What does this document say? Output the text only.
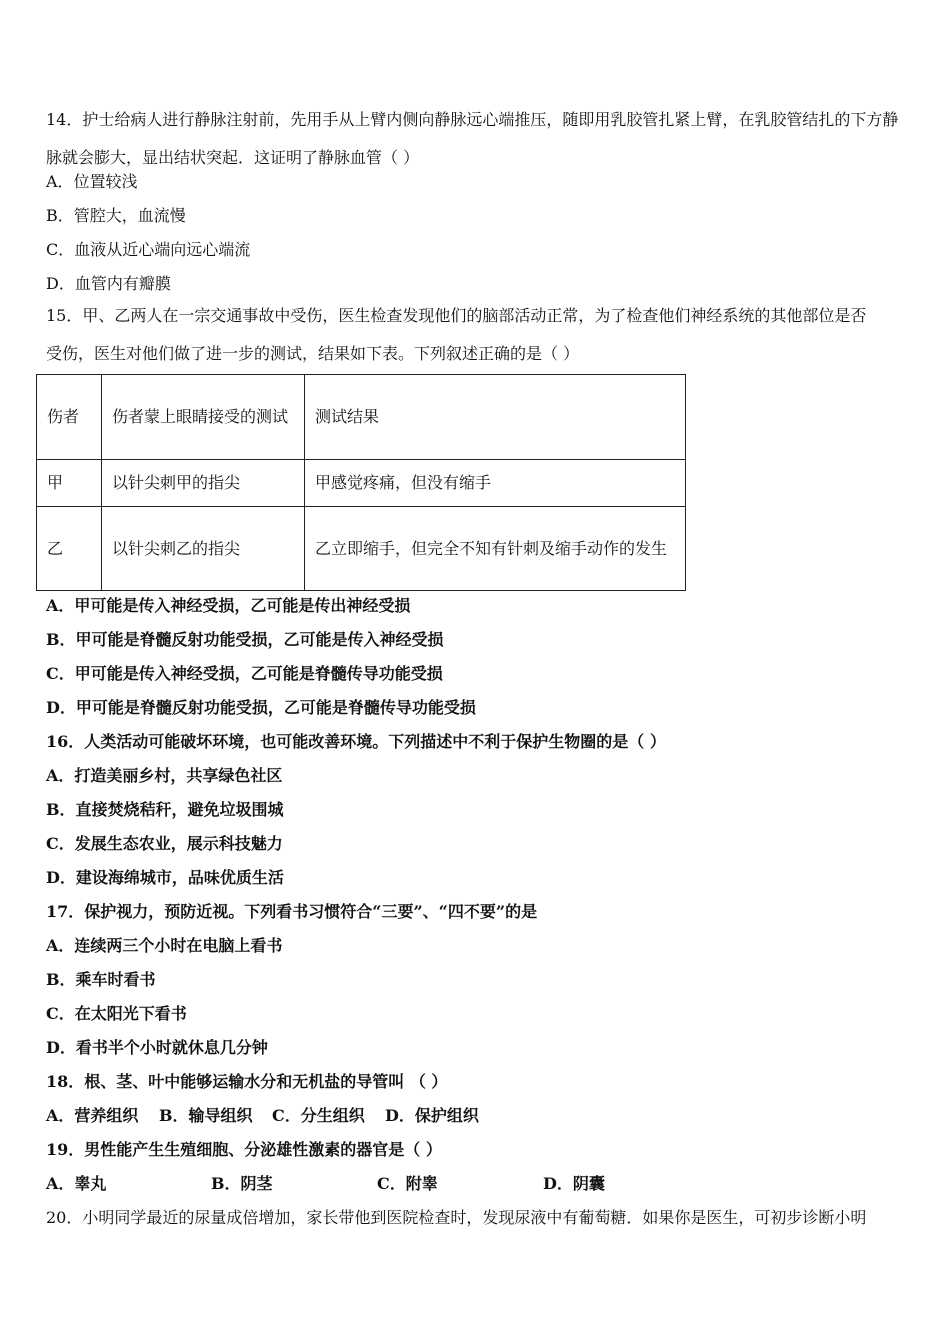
14．护士给病人进行静脉注射前，先用手从上臂内侧向静脉远心端推压，随即用乳胶管扎紧上臂，在乳胶管结扎的下方静脉就会膨大，显出结状突起．这证明了静脉血管（ ）
A．位置较浅
B．管腔大，血流慢
C．血液从近心端向远心端流
D．血管内有瓣膜
15．甲、乙两人在一宗交通事故中受伤，医生检查发现他们的脑部活动正常，为了检查他们神经系统的其他部位是否
受伤，医生对他们做了进一步的测试，结果如下表。下列叙述正确的是（ ）
伤者	伤者蒙上眼睛接受的测试	测试结果
甲	以针尖刺甲的指尖	甲感觉疼痛，但没有缩手
乙	以针尖刺乙的指尖	乙立即缩手，但完全不知有针刺及缩手动作的发生
A．甲可能是传入神经受损，乙可能是传出神经受损
B．甲可能是脊髓反射功能受损，乙可能是传入神经受损
C．甲可能是传入神经受损，乙可能是脊髓传导功能受损
D．甲可能是脊髓反射功能受损，乙可能是脊髓传导功能受损
16．人类活动可能破坏环境，也可能改善环境。下列描述中不利于保护生物圈的是（ ）
A．打造美丽乡村，共享绿色社区
B．直接焚烧秸秆，避免垃圾围城
C．发展生态农业，展示科技魅力
D．建设海绵城市，品味优质生活
17．保护视力，预防近视。下列看书习惯符合“三要”、“四不要”的是
A．连续两三个小时在电脑上看书
B．乘车时看书
C．在太阳光下看书
D．看书半个小时就休息几分钟
18．根、茎、叶中能够运输水分和无机盐的导管叫 （ ）
A．营养组织 B．输导组织 C．分生组织 D．保护组织
19．男性能产生生殖细胞、分泌雄性激素的器官是（ ）
A．睾丸	B．阴茎	C．附睾	D．阴囊
20．小明同学最近的尿量成倍增加，家长带他到医院检查时，发现尿液中有葡萄糖．如果你是医生，可初步诊断小明
